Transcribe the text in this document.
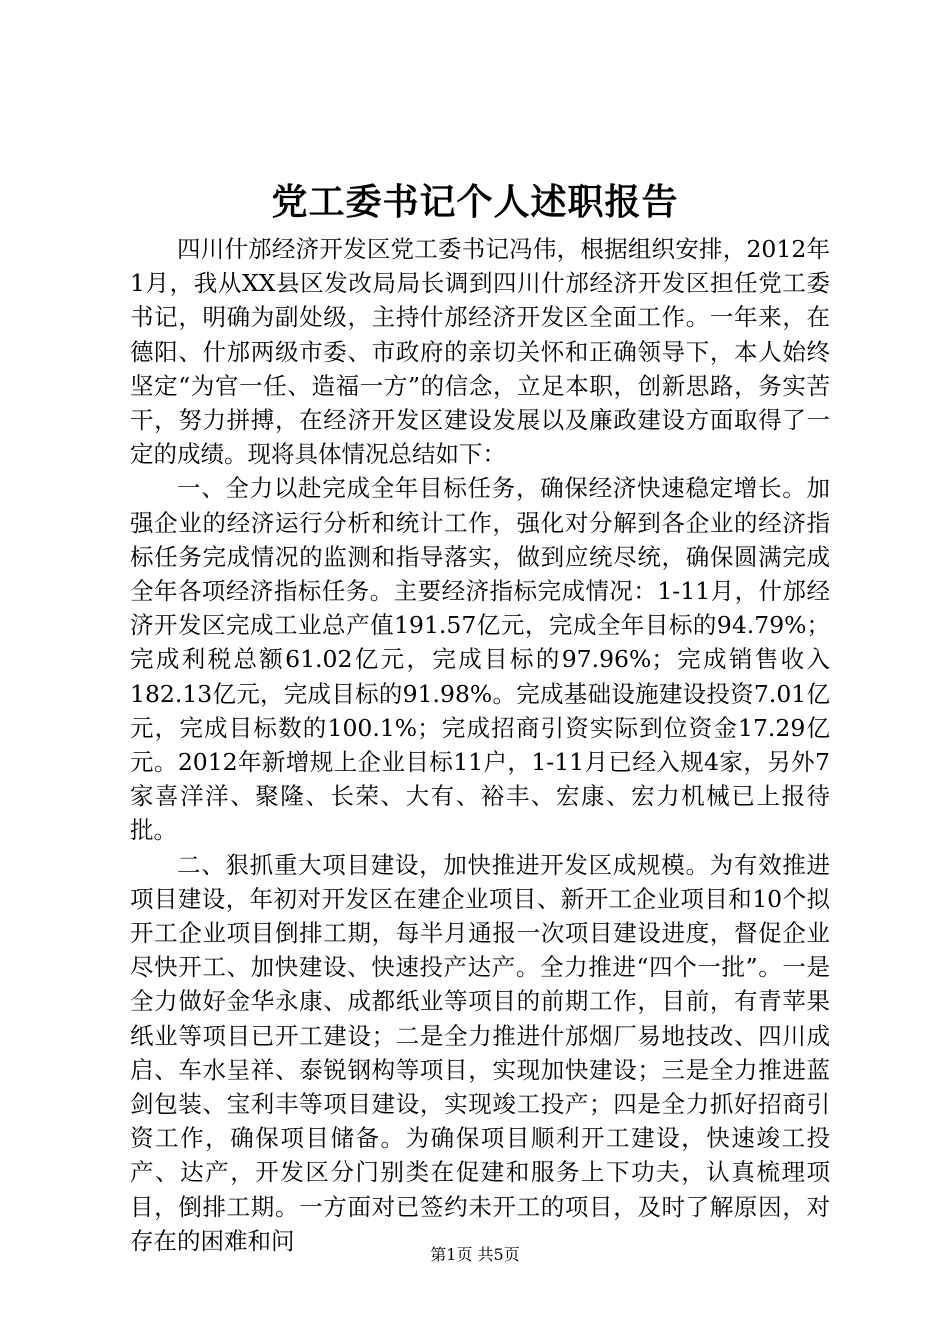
党工委书记个人述职报告

四川什邡经济开发区党工委书记冯伟，根据组织安排，2012年1月，我从XX县区发改局局长调到四川什邡经济开发区担任党工委书记，明确为副处级，主持什邡经济开发区全面工作。一年来，在德阳、什邡两级市委、市政府的亲切关怀和正确领导下，本人始终坚定“为官一任、造福一方”的信念，立足本职，创新思路，务实苦干，努力拼搏，在经济开发区建设发展以及廉政建设方面取得了一定的成绩。现将具体情况总结如下：

一、全力以赴完成全年目标任务，确保经济快速稳定增长。加强企业的经济运行分析和统计工作，强化对分解到各企业的经济指标任务完成情况的监测和指导落实，做到应统尽统，确保圆满完成全年各项经济指标任务。主要经济指标完成情况：1-11月，什邡经济开发区完成工业总产值191.57亿元，完成全年目标的94.79%；完成利税总额61.02亿元，完成目标的97.96%；完成销售收入182.13亿元，完成目标的91.98%。完成基础设施建设投资7.01亿元，完成目标数的100.1%；完成招商引资实际到位资金17.29亿元。2012年新增规上企业目标11户，1-11月已经入规4家，另外7家喜洋洋、聚隆、长荣、大有、裕丰、宏康、宏力机械已上报待批。

二、狠抓重大项目建设，加快推进开发区成规模。为有效推进项目建设，年初对开发区在建企业项目、新开工企业项目和10个拟开工企业项目倒排工期，每半月通报一次项目建设进度，督促企业尽快开工、加快建设、快速投产达产。全力推进“四个一批”。一是全力做好金华永康、成都纸业等项目的前期工作，目前，有青苹果纸业等项目已开工建设；二是全力推进什邡烟厂易地技改、四川成启、车水呈祥、泰锐钢构等项目，实现加快建设；三是全力推进蓝剑包装、宝利丰等项目建设，实现竣工投产；四是全力抓好招商引资工作，确保项目储备。为确保项目顺利开工建设，快速竣工投产、达产，开发区分门别类在促建和服务上下功夫，认真梳理项目，倒排工期。一方面对已签约未开工的项目，及时了解原因，对存在的困难和问	第1页 共5页
